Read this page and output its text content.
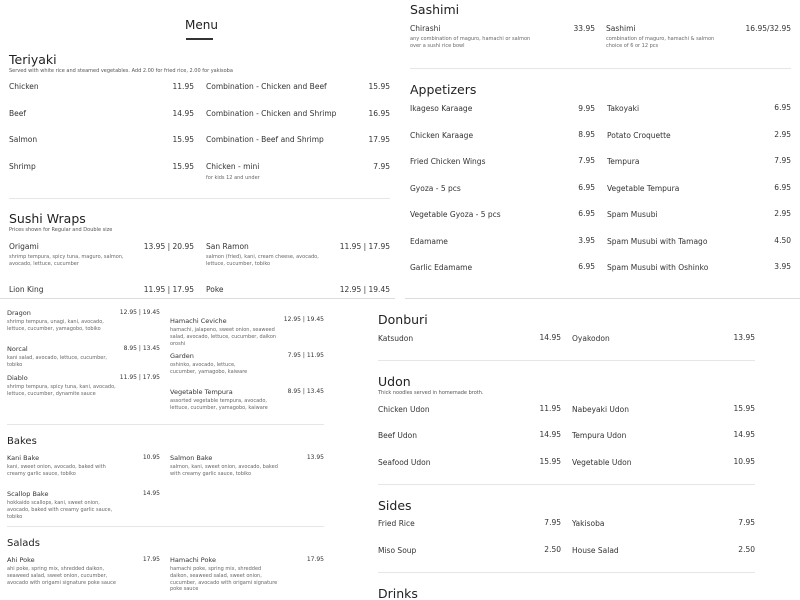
Menu
Teriyaki
Served with white rice and steamed vegetables. Add 2.00 for fried rice, 2.00 for yakisoba
Chicken	11.95
Beef	14.95
Salmon	15.95
Shrimp	15.95
Combination - Chicken and Beef	15.95
Combination - Chicken and Shrimp	16.95
Combination - Beef and Shrimp	17.95
Chicken - mini	7.95
for kids 12 and under
Sushi Wraps
Prices shown for Regular and Double size
Origami	13.95 | 20.95
shrimp tempura, spicy tuna, maguro, salmon, avocado, lettuce, cucumber
Lion King	11.95 | 17.95
San Ramon	11.95 | 17.95
salmon (fried), kani, cream cheese, avocado, lettuce, cucumber, tobiko
Poke	12.95 | 19.45
Dragon	12.95 | 19.45
shrimp tempura, unagi, kani, avocado, lettuce, cucumber, yamagobo, tobiko
Norcal	8.95 | 13.45
kani salad, avocado, lettuce, cucumber, tobiko
Diablo	11.95 | 17.95
shrimp tempura, spicy tuna, kani, avocado, lettuce, cucumber, dynamite sauce
Hamachi Ceviche	12.95 | 19.45
hamachi, jalapeno, sweet onion, seaweed salad, avocado, lettuce, cucumber, daikon oroshi
Garden	7.95 | 11.95
oshinko, avocado, lettuce, cucumber, yamagobo, kaiware
Vegetable Tempura	8.95 | 13.45
assorted vegetable tempura, avocado, lettuce, cucumber, yamagobo, kaiware
Bakes
Kani Bake	10.95
kani, sweet onion, avocado, baked with creamy garlic sauce, tobiko
Scallop Bake	14.95
hokkaido scallops, kani, sweet onion, avocado, baked with creamy garlic sauce, tobiko
Salmon Bake	13.95
salmon, kani, sweet onion, avocado, baked with creamy garlic sauce, tobiko
Salads
Ahi Poke	17.95
ahi poke, spring mix, shredded daikon, seaweed salad, sweet onion, cucumber, avocado with origami signature poke sauce
Hamachi Poke	17.95
hamachi poke, spring mix, shredded daikon, seaweed salad, sweet onion, cucumber, avocado with origami signature poke sauce
Sashimi
Chirashi	33.95
any combination of maguro, hamachi or salmon over a sushi rice bowl
Sashimi	16.95/32.95
combination of maguro, hamachi & salmon choice of 6 or 12 pcs
Appetizers
Ikageso Karaage	9.95
Chicken Karaage	8.95
Fried Chicken Wings	7.95
Gyoza - 5 pcs	6.95
Vegetable Gyoza - 5 pcs	6.95
Edamame	3.95
Garlic Edamame	6.95
Takoyaki	6.95
Potato Croquette	2.95
Tempura	7.95
Vegetable Tempura	6.95
Spam Musubi	2.95
Spam Musubi with Tamago	4.50
Spam Musubi with Oshinko	3.95
Donburi
Katsudon	14.95 Oyakodon	13.95
Udon
Thick noodles served in homemade broth.
Chicken Udon	11.95
Beef Udon	14.95
Seafood Udon	15.95
Nabeyaki Udon	15.95
Tempura Udon	14.95
Vegetable Udon	10.95
Sides
Fried Rice	7.95
Miso Soup	2.50
Yakisoba	7.95
House Salad	2.50
Drinks
